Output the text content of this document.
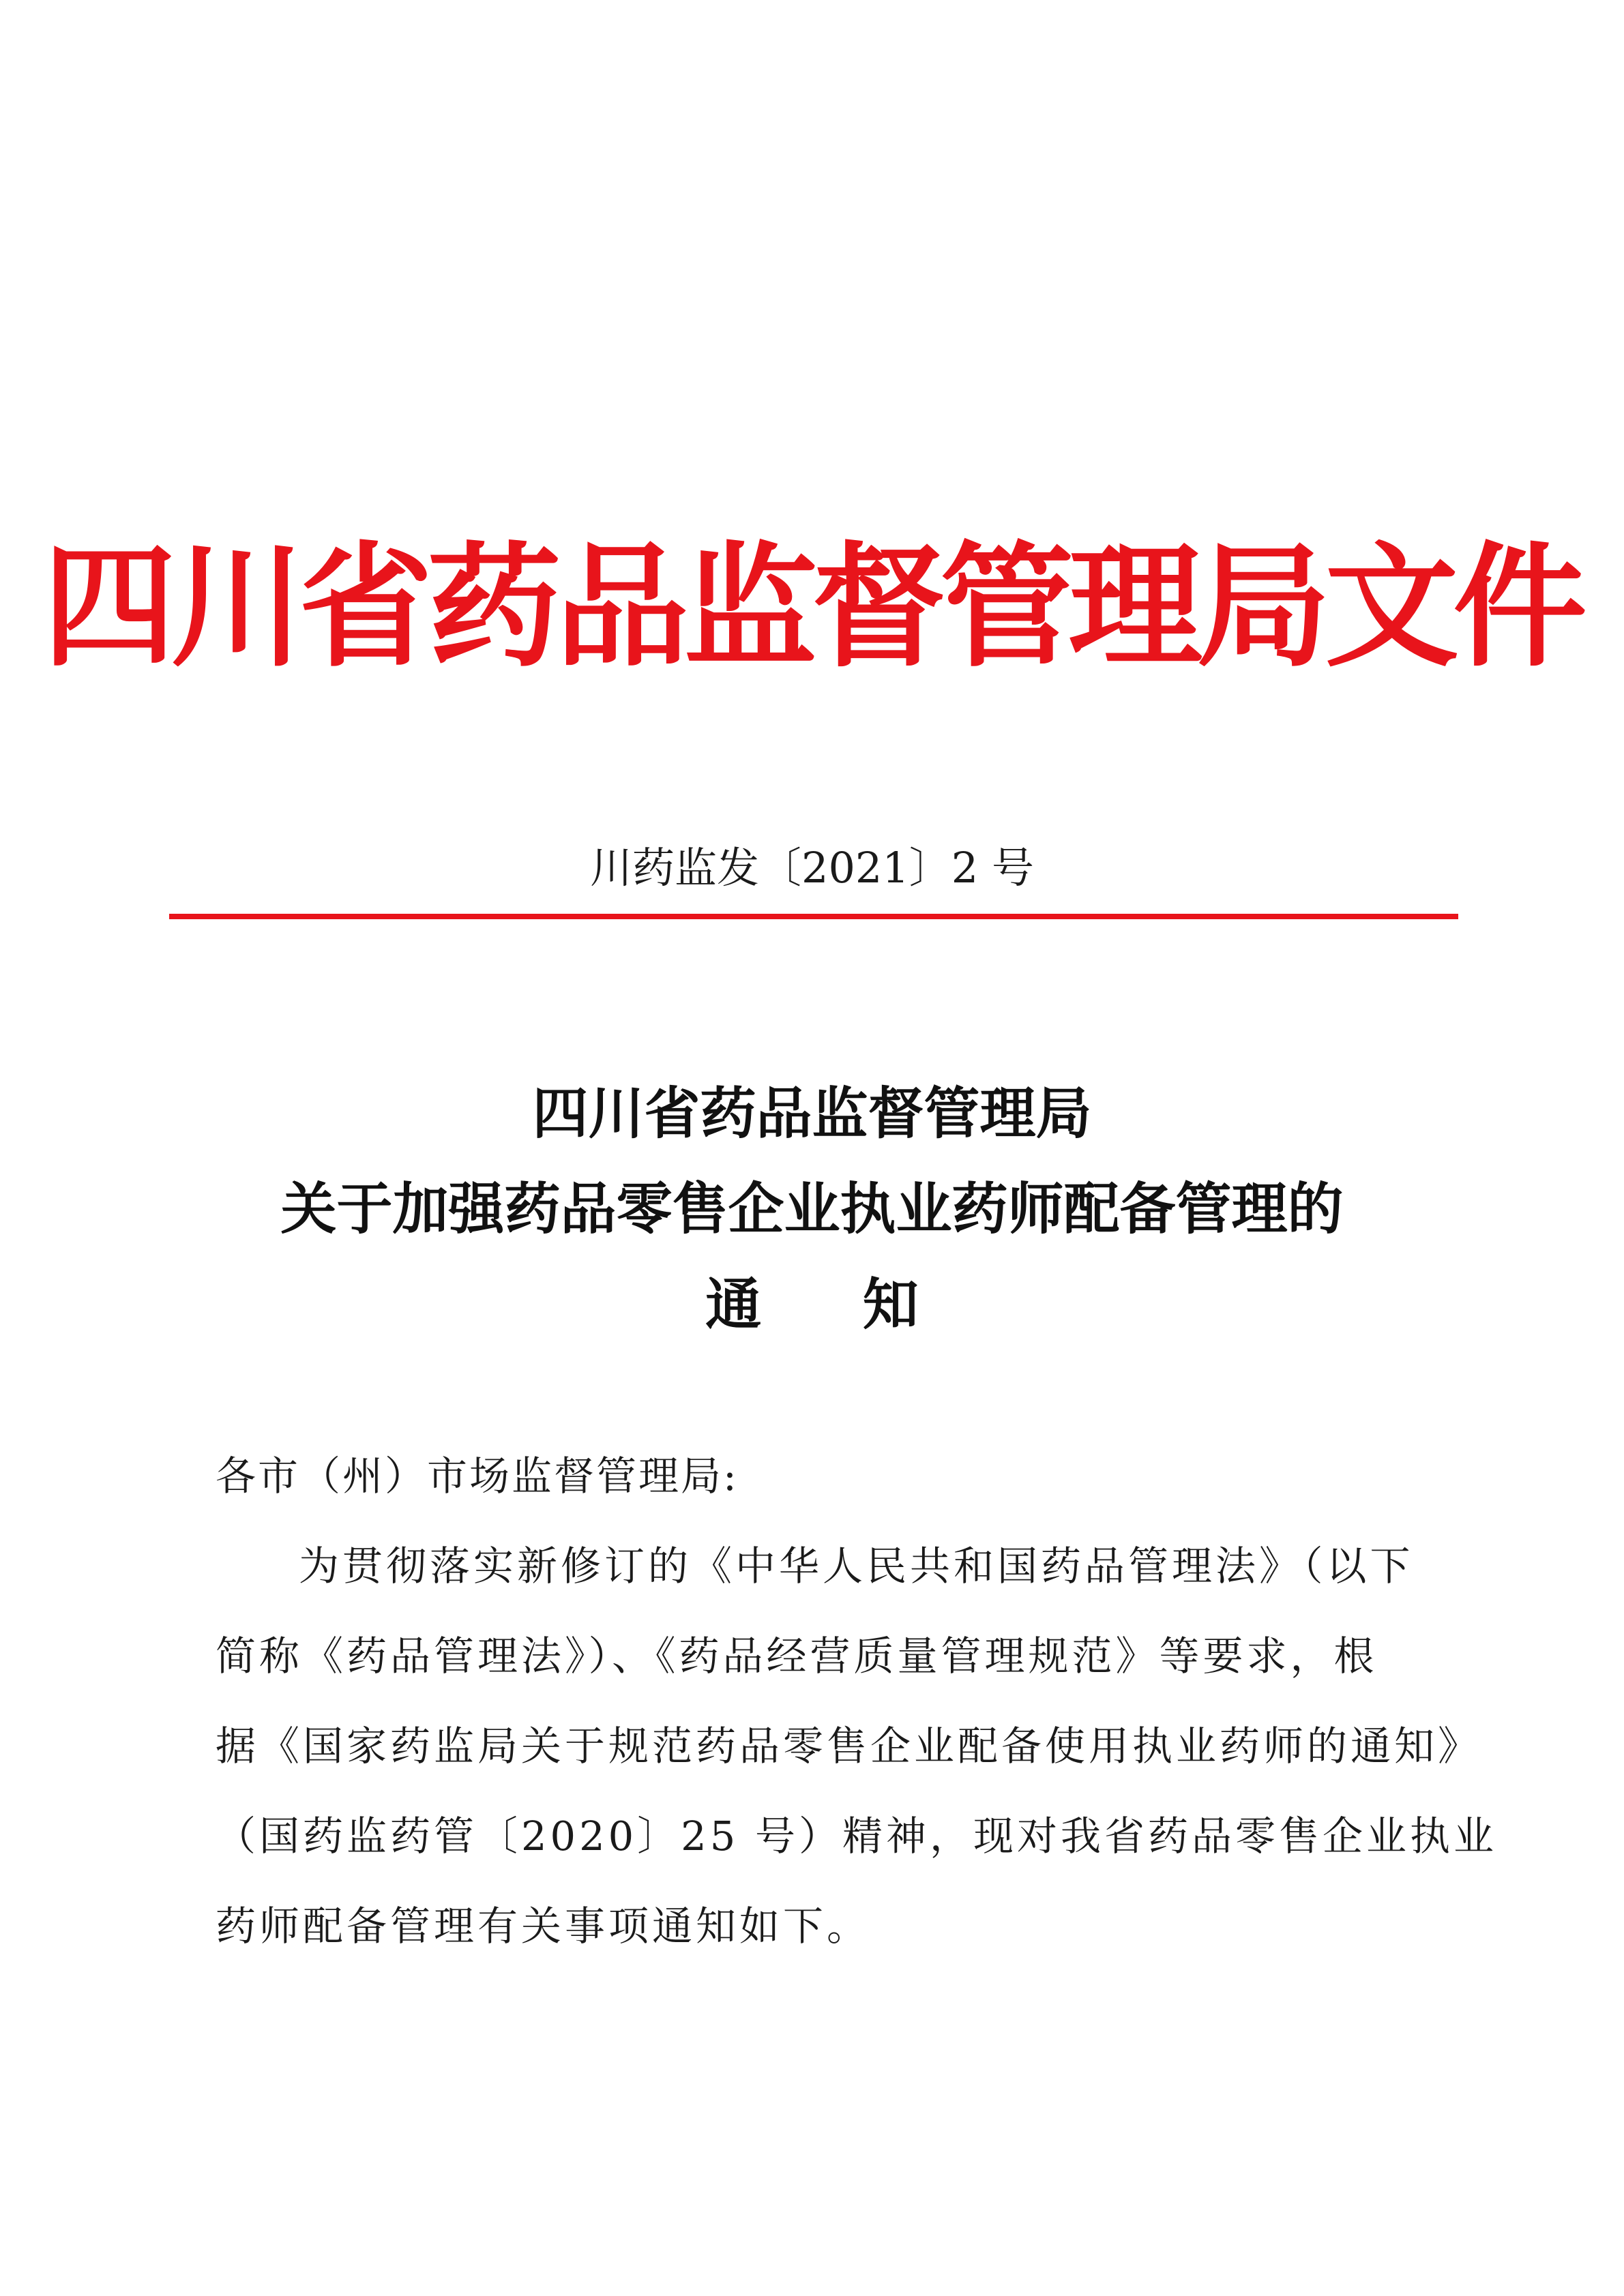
四川省药品监督管理局文件
川药监发〔2021〕2 号
四川省药品监督管理局
关于加强药品零售企业执业药师配备管理的
通 知
各市（州）市场监督管理局:
为贯彻落实新修订的《中华人民共和国药品管理法》（以下
简称《药品管理法》）、《药品经营质量管理规范》等要求，根
据《国家药监局关于规范药品零售企业配备使用执业药师的通知》
（国药监药管〔2020〕25 号）精神，现对我省药品零售企业执业
药师配备管理有关事项通知如下。
